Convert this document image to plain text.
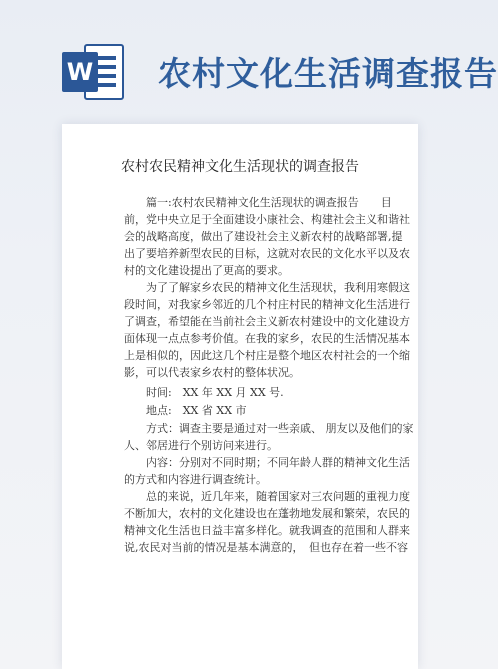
W 农村文化生活调查报告
农村农民精神文化生活现状的调查报告
篇一:农村农民精神文化生活现状的调查报告　　目
前，党中央立足于全面建设小康社会、构建社会主义和谐社
会的战略高度，做出了建设社会主义新农村的战略部署,提
出了要培养新型农民的目标，这就对农民的文化水平以及农
村的文化建设提出了更高的要求。
为了了解家乡农民的精神文化生活现状，我利用寒假这
段时间，对我家乡邻近的几个村庄村民的精神文化生活进行
了调查，希望能在当前社会主义新农村建设中的文化建设方
面体现一点点参考价值。在我的家乡，农民的生活情况基本
上是相似的，因此这几个村庄是整个地区农村社会的一个缩
影，可以代表家乡农村的整体状况。
时间:　XX 年 XX 月 XX 号.
地点:　XX 省 XX 市
方式：调查主要是通过对一些亲戚、 朋友以及他们的家
人、邻居进行个别访问来进行。
内容：分别对不同时期；不同年龄人群的精神文化生活
的方式和内容进行调查统计。
总的来说，近几年来，随着国家对三农问题的重视力度
不断加大，农村的文化建设也在蓬勃地发展和繁荣，农民的
精神文化生活也日益丰富多样化。就我调查的范围和人群来
说,农民对当前的情况是基本满意的，　但也存在着一些不容
